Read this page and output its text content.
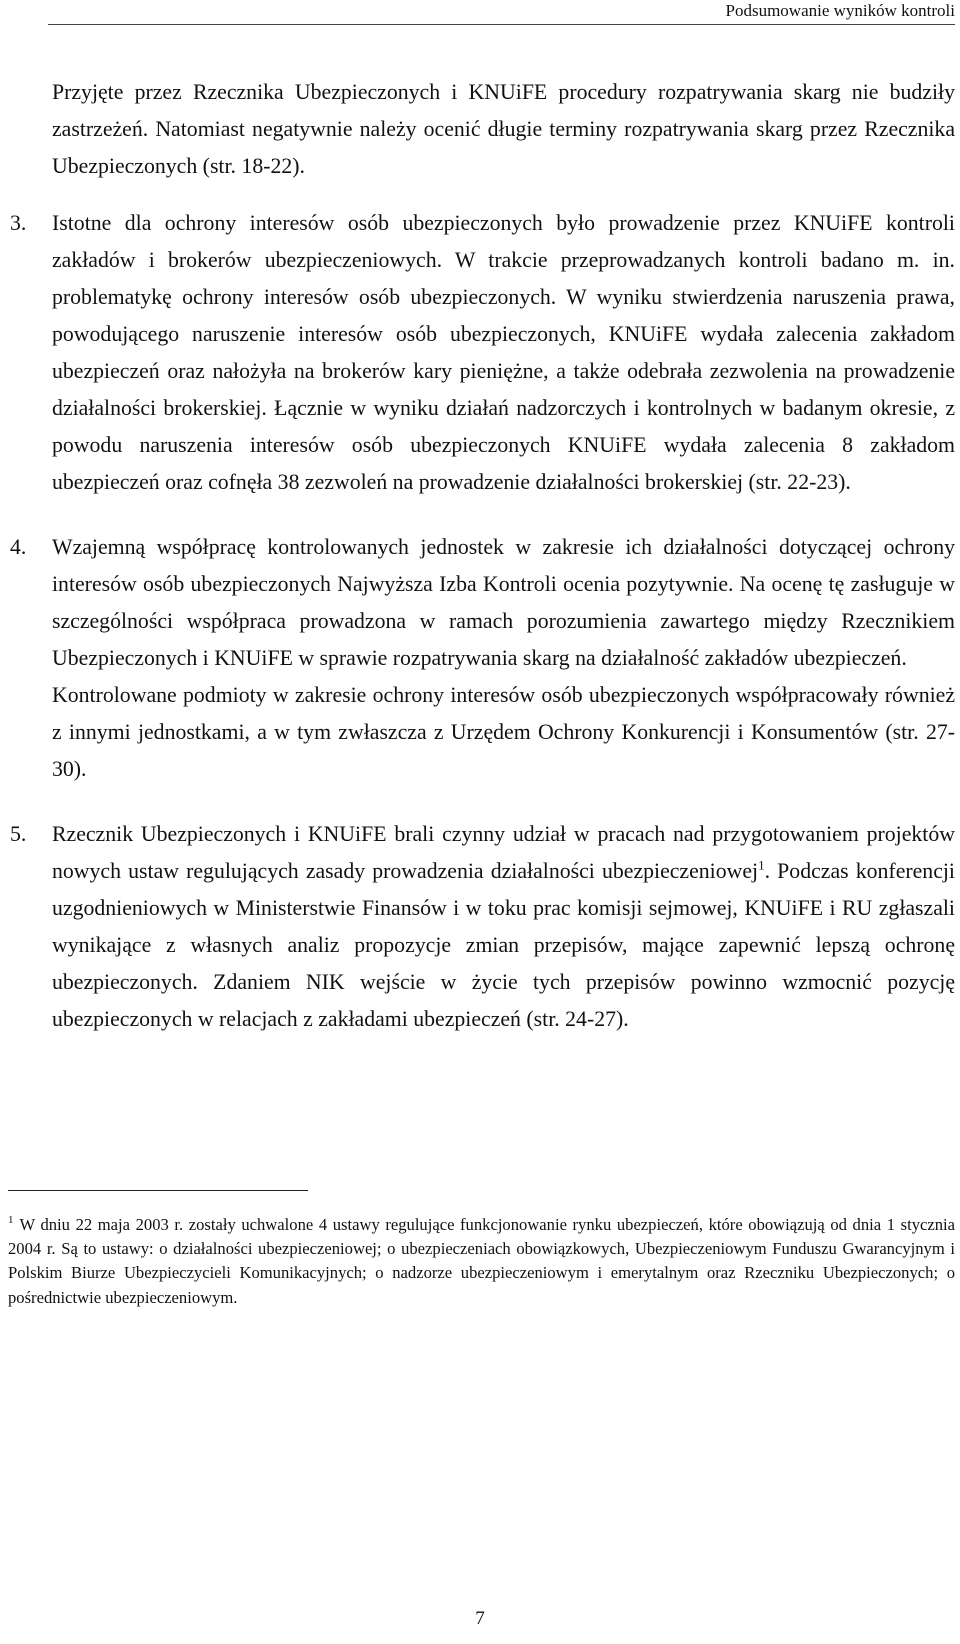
Podsumowanie wyników kontroli
Przyjęte przez Rzecznika Ubezpieczonych i KNUiFE procedury rozpatrywania skarg nie budziły zastrzeżeń. Natomiast negatywnie należy ocenić długie terminy rozpatrywania skarg przez Rzecznika Ubezpieczonych (str. 18-22).
3. Istotne dla ochrony interesów osób ubezpieczonych było prowadzenie przez KNUiFE kontroli zakładów i brokerów ubezpieczeniowych. W trakcie przeprowadzanych kontroli badano m. in. problematykę ochrony interesów osób ubezpieczonych. W wyniku stwierdzenia naruszenia prawa, powodującego naruszenie interesów osób ubezpieczonych, KNUiFE wydała zalecenia zakładom ubezpieczeń oraz nałożyła na brokerów kary pieniężne, a także odebrała zezwolenia na prowadzenie działalności brokerskiej. Łącznie w wyniku działań nadzorczych i kontrolnych w badanym okresie, z powodu naruszenia interesów osób ubezpieczonych KNUiFE wydała zalecenia 8 zakładom ubezpieczeń oraz cofnęła 38 zezwoleń na prowadzenie działalności brokerskiej (str. 22-23).
4. Wzajemną współpracę kontrolowanych jednostek w zakresie ich działalności dotyczącej ochrony interesów osób ubezpieczonych Najwyższa Izba Kontroli ocenia pozytywnie. Na ocenę tę zasługuje w szczególności współpraca prowadzona w ramach porozumienia zawartego między Rzecznikiem Ubezpieczonych i KNUiFE w sprawie rozpatrywania skarg na działalność zakładów ubezpieczeń.
Kontrolowane podmioty w zakresie ochrony interesów osób ubezpieczonych współpracowały również z innymi jednostkami, a w tym zwłaszcza z Urzędem Ochrony Konkurencji i Konsumentów (str. 27-30).
5. Rzecznik Ubezpieczonych i KNUiFE brali czynny udział w pracach nad przygotowaniem projektów nowych ustaw regulujących zasady prowadzenia działalności ubezpieczeniowej$^1$. Podczas konferencji uzgodnieniowych w Ministerstwie Finansów i w toku prac komisji sejmowej, KNUiFE i RU zgłaszali wynikające z własnych analiz propozycje zmian przepisów, mające zapewnić lepszą ochronę ubezpieczonych. Zdaniem NIK wejście w życie tych przepisów powinno wzmocnić pozycję ubezpieczonych w relacjach z zakładami ubezpieczeń (str. 24-27).
$^1$ W dniu 22 maja 2003 r. zostały uchwalone 4 ustawy regulujące funkcjonowanie rynku ubezpieczeń, które obowiązują od dnia 1 stycznia 2004 r. Są to ustawy: o działalności ubezpieczeniowej; o ubezpieczeniach obowiązkowych, Ubezpieczeniowym Funduszu Gwarancyjnym i Polskim Biurze Ubezpieczycieli Komunikacyjnych; o nadzorze ubezpieczeniowym i emerytalnym oraz Rzeczniku Ubezpieczonych; o pośrednictwie ubezpieczeniowym.
7
